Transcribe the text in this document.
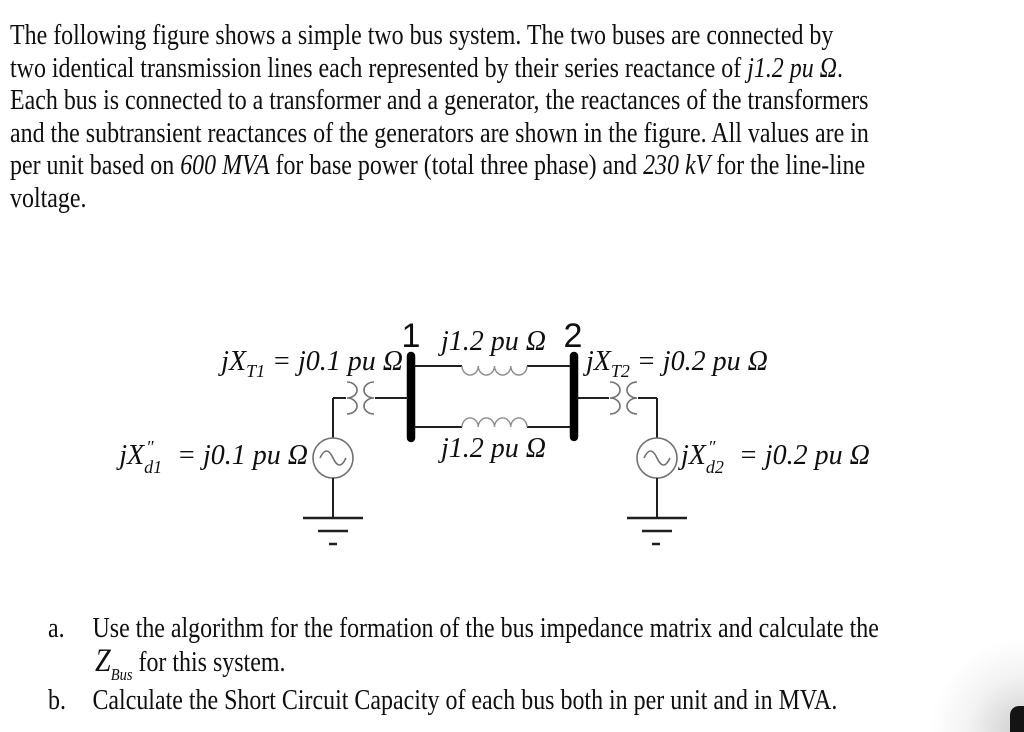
The following figure shows a simple two bus system. The two buses are connected by
two identical transmission lines each represented by their series reactance of j1.2 pu Ω.
Each bus is connected to a transformer and a generator, the reactances of the transformers
and the subtransient reactances of the generators are shown in the figure. All values are in
per unit based on 600 MVA for base power (total three phase) and 230 kV for the line-line
voltage.
1	2
j1.2 pu Ω
j1.2 pu Ω
$jX_{T1} = j0.1$ pu Ω	$jX_{T2} = j0.2$ pu Ω
jX ″
d1 = j0.1 pu Ω	jX ″
d2 = j0.2 pu Ω
a. Use the algorithm for the formation of the bus impedance matrix and calculate the
$Z_{Bus}$ for this system.
b. Calculate the Short Circuit Capacity of each bus both in per unit and in MVA.
